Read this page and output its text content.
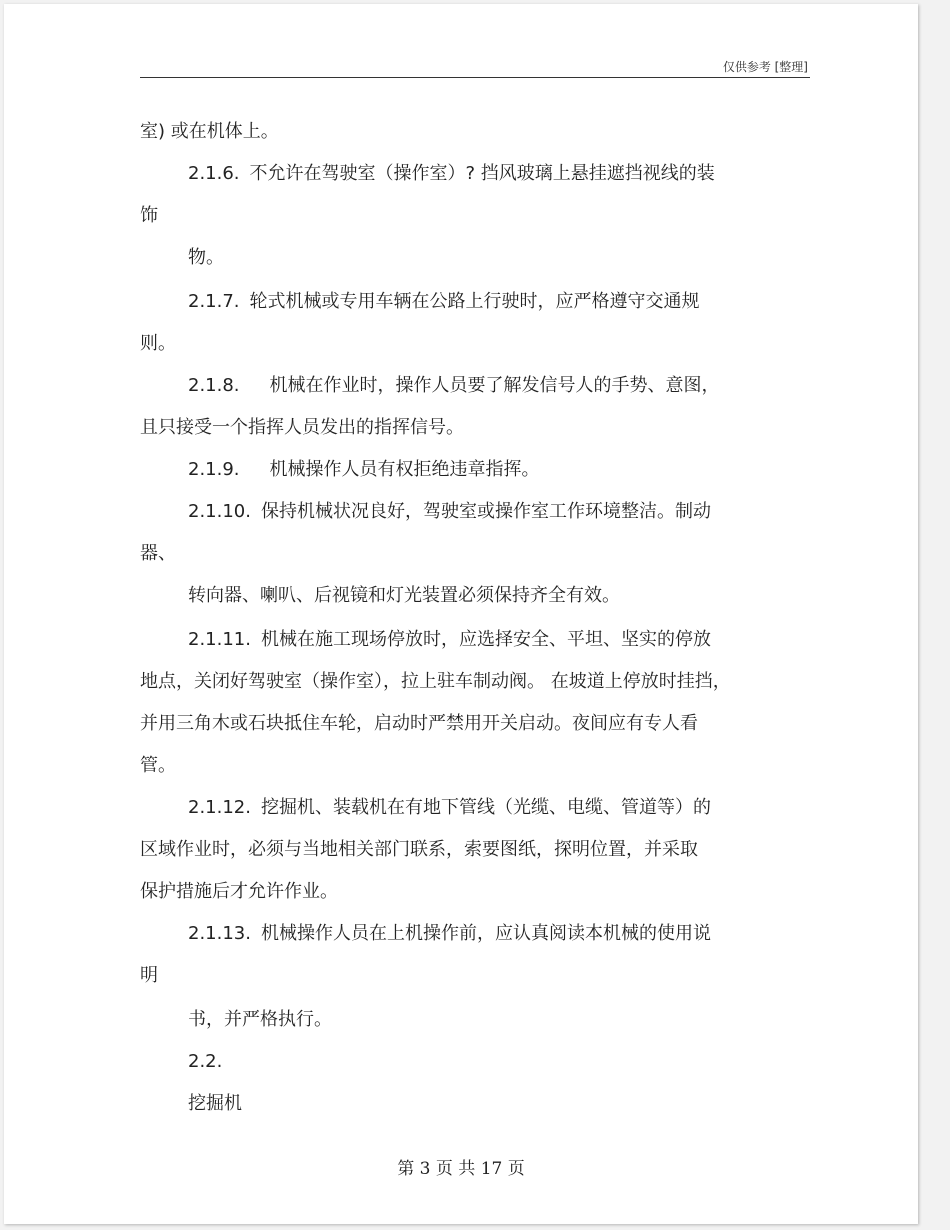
仅供参考 [整理]
室) 或在机体上。
2.1.6. 不允许在驾驶室（操作室）? 挡风玻璃上悬挂遮挡视线的装
饰
物。
2.1.7. 轮式机械或专用车辆在公路上行驶时，应严格遵守交通规
则。
2.1.8. 机械在作业时，操作人员要了解发信号人的手势、意图，
且只接受一个指挥人员发出的指挥信号。
2.1.9. 机械操作人员有权拒绝违章指挥。
2.1.10. 保持机械状况良好，驾驶室或操作室工作环境整洁。制动
器、
转向器、喇叭、后视镜和灯光装置必须保持齐全有效。
2.1.11. 机械在施工现场停放时，应选择安全、平坦、坚实的停放
地点，关闭好驾驶室（操作室），拉上驻车制动阀。 在坡道上停放时挂挡，
并用三角木或石块抵住车轮，启动时严禁用开关启动。夜间应有专人看
管。
2.1.12. 挖掘机、装载机在有地下管线（光缆、电缆、管道等）的
区域作业时，必须与当地相关部门联系，索要图纸，探明位置，并采取
保护措施后才允许作业。
2.1.13. 机械操作人员在上机操作前，应认真阅读本机械的使用说
明
书，并严格执行。
2.2.
挖掘机
第 3 页 共 17 页
